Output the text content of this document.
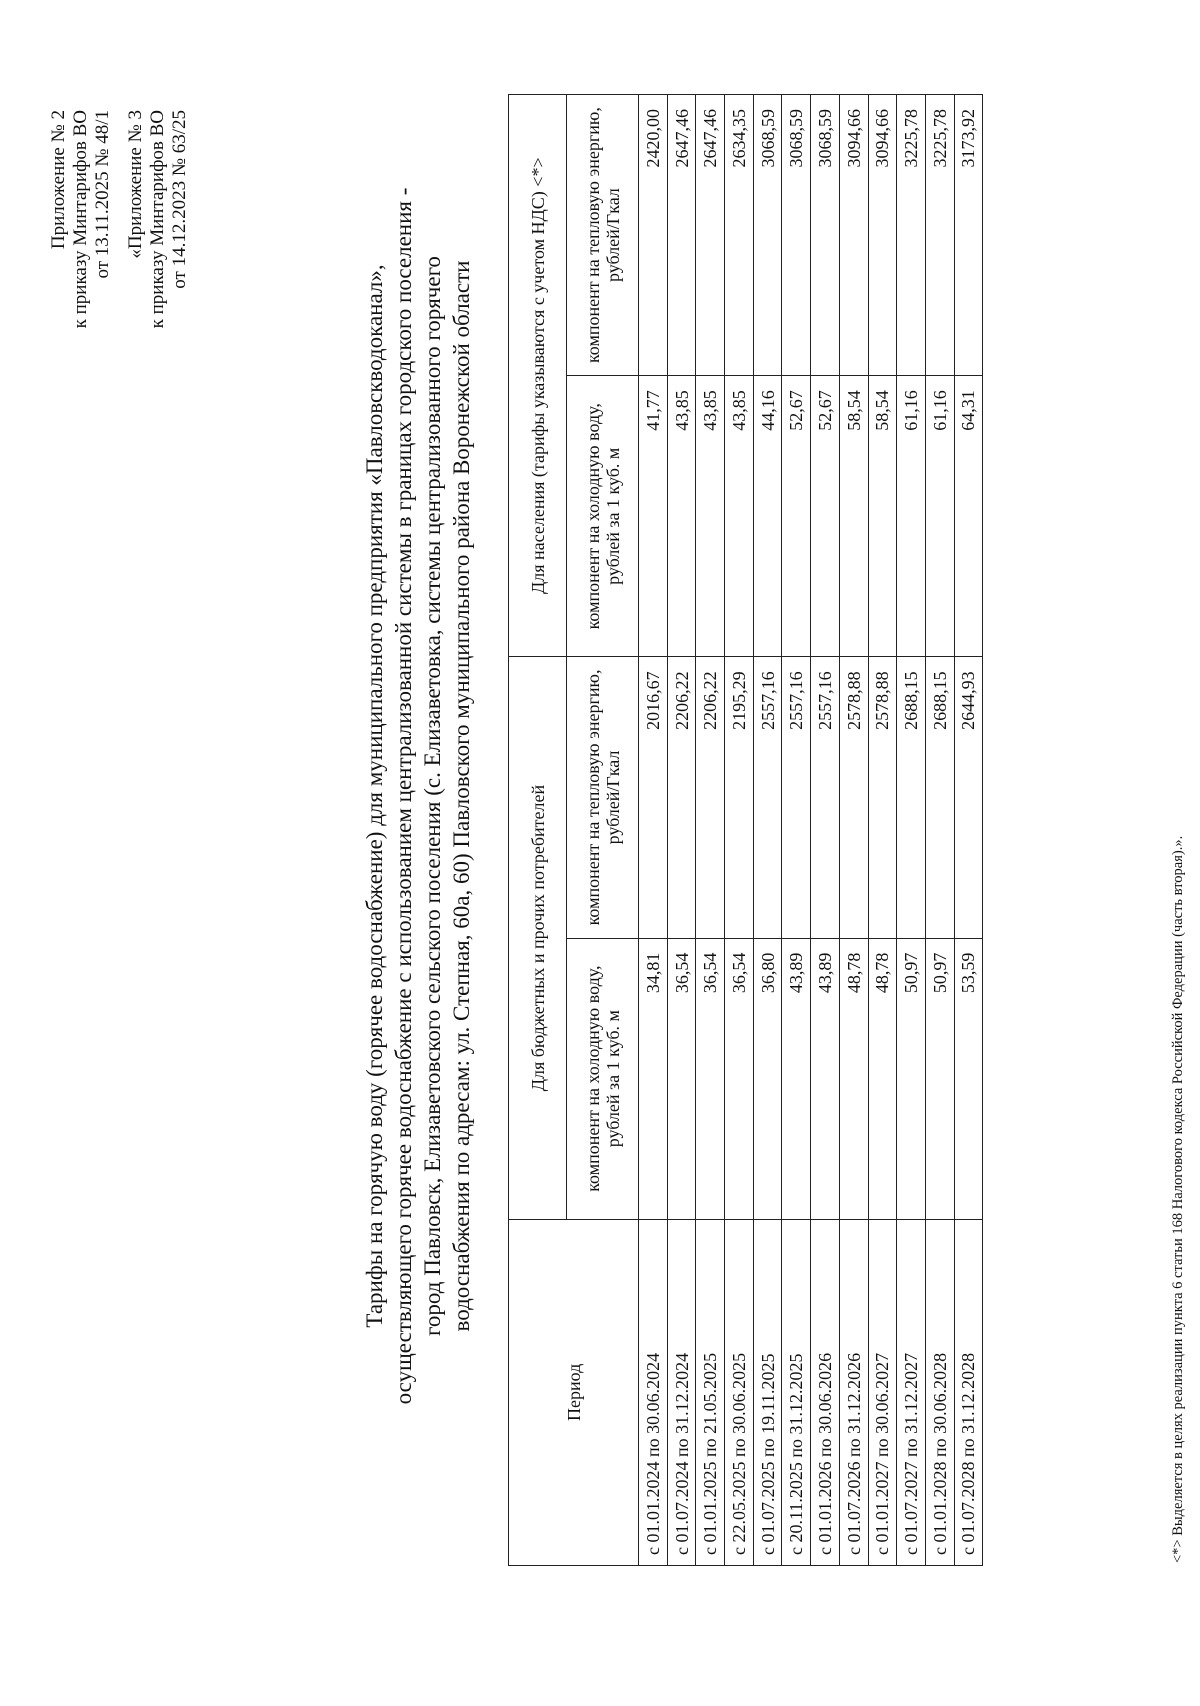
Приложение № 2 к приказу Минтарифов ВО от 13.11.2025 № 48/1 «Приложение № 3 к приказу Минтарифов ВО от 14.12.2023 № 63/25
Тарифы на горячую воду (горячее водоснабжение) для муниципального предприятия «Павловскводоканал», осуществляющего горячее водоснабжение с использованием централизованной системы в границах городского поселения - город Павловск, Елизаветовского сельского поселения (с. Елизаветовка, системы централизованного горячего водоснабжения по адресам: ул. Степная, 60а, 60) Павловского муниципального района Воронежской области
Период	Для бюджетных и прочих потребителей		Для населения (тарифы указываются с учетом НДС) <*>	
	компонент на холодную воду, рублей за 1 куб. м	компонент на тепловую энергию, рублей/Гкал	компонент на холодную воду, рублей за 1 куб. м	компонент на тепловую энергию, рублей/Гкал
с 01.01.2024 по 30.06.2024	34,81	2016,67	41,77	2420,00
с 01.07.2024 по 31.12.2024	36,54	2206,22	43,85	2647,46
с 01.01.2025 по 21.05.2025	36,54	2206,22	43,85	2647,46
с 22.05.2025 по 30.06.2025	36,54	2195,29	43,85	2634,35
с 01.07.2025 по 19.11.2025	36,80	2557,16	44,16	3068,59
с 20.11.2025 по 31.12.2025	43,89	2557,16	52,67	3068,59
с 01.01.2026 по 30.06.2026	43,89	2557,16	52,67	3068,59
с 01.07.2026 по 31.12.2026	48,78	2578,88	58,54	3094,66
с 01.01.2027 по 30.06.2027	48,78	2578,88	58,54	3094,66
с 01.07.2027 по 31.12.2027	50,97	2688,15	61,16	3225,78
с 01.01.2028 по 30.06.2028	50,97	2688,15	61,16	3225,78
с 01.07.2028 по 31.12.2028	53,59	2644,93	64,31	3173,92
<*> Выделяется в целях реализации пункта 6 статьи 168 Налогового кодекса Российской Федерации (часть вторая).».
